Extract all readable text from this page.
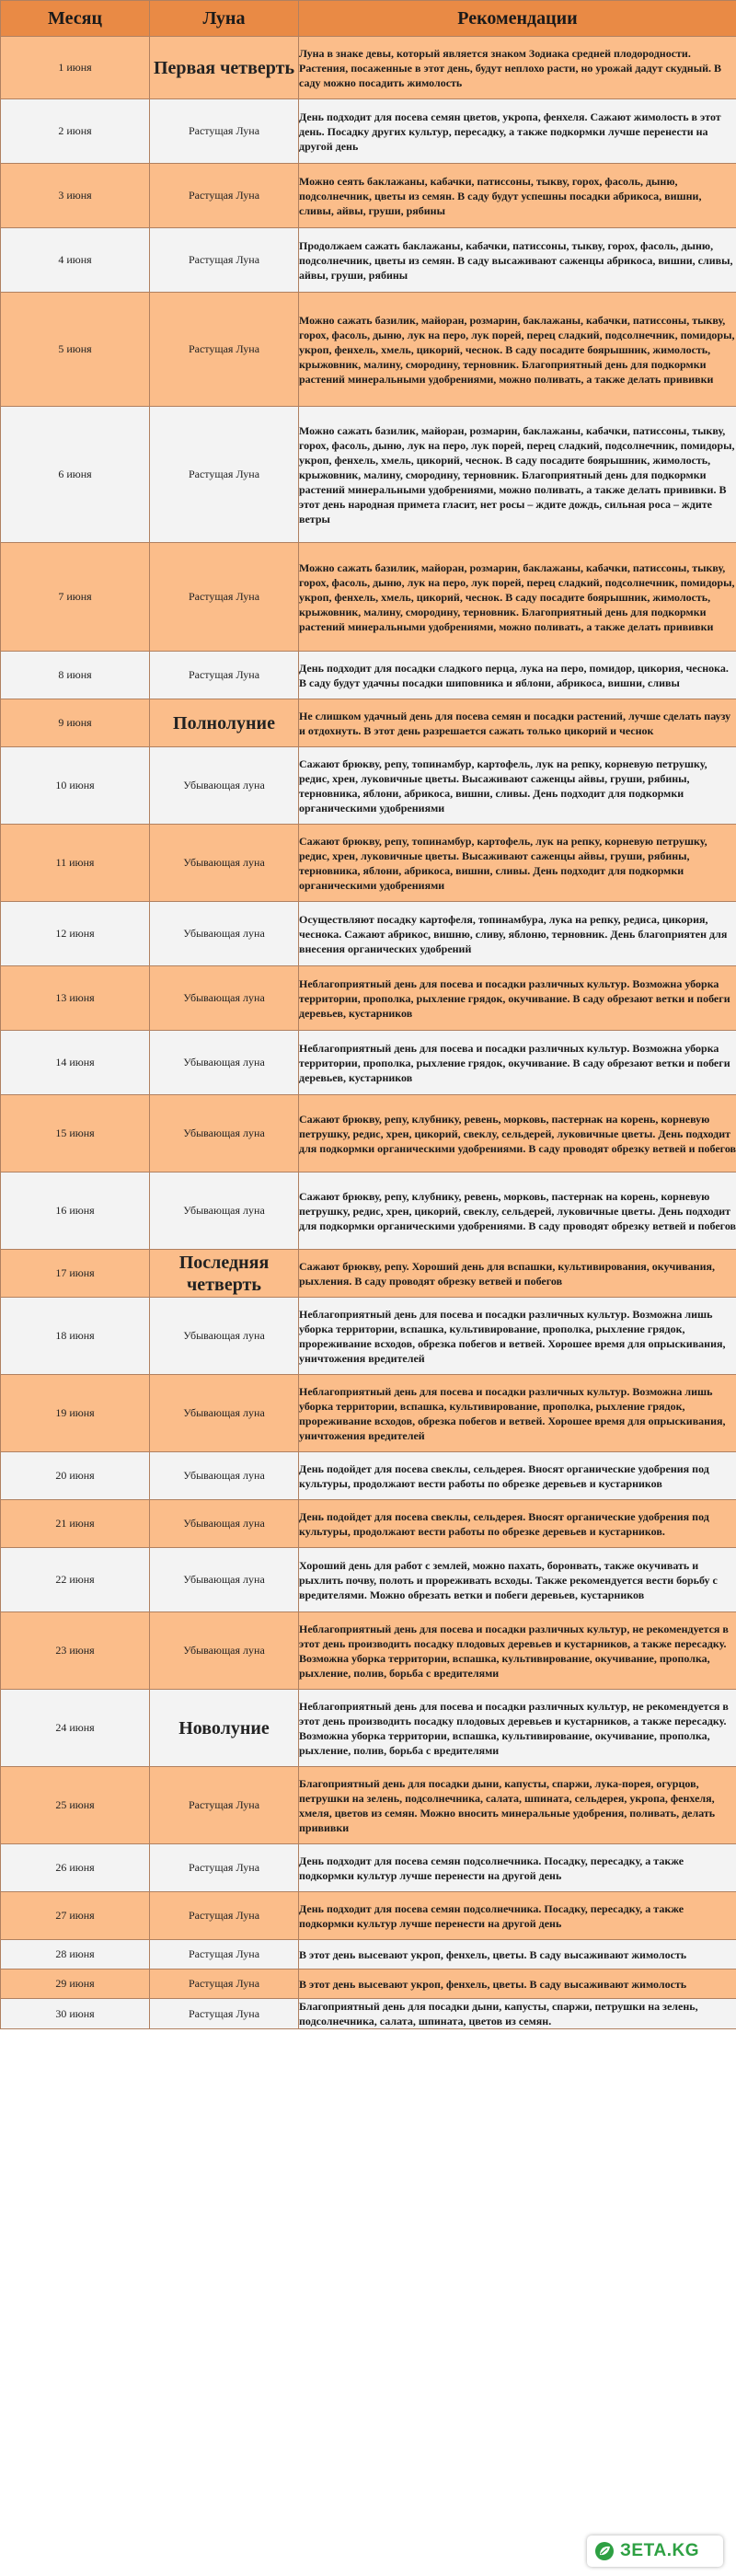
Месяц	Луна	Рекомендации
1 июня	Первая четверть	Луна в знаке девы, который является знаком Зодиака средней плодородности. Растения, посаженные в этот день, будут неплохо расти, но урожай дадут скудный. В саду можно посадить жимолость
2 июня	Растущая Луна	День подходит для посева семян цветов, укропа, фенхеля. Сажают жимолость в этот день. Посадку других культур, пересадку, а также подкормки лучше перенести на другой день
3 июня	Растущая Луна	Можно сеять баклажаны, кабачки, патиссоны, тыкву, горох, фасоль, дыню, подсолнечник, цветы из семян. В саду будут успешны посадки абрикоса, вишни, сливы, айвы, груши, рябины
4 июня	Растущая Луна	Продолжаем сажать баклажаны, кабачки, патиссоны, тыкву, горох, фасоль, дыню, подсолнечник, цветы из семян. В саду высаживают саженцы абрикоса, вишни, сливы, айвы, груши, рябины
5 июня	Растущая Луна	Можно сажать базилик, майоран, розмарин, баклажаны, кабачки, патиссоны, тыкву, горох, фасоль, дыню, лук на перо, лук порей, перец сладкий, подсолнечник, помидоры, укроп, фенхель, хмель, цикорий, чеснок. В саду посадите боярышник, жимолость, крыжовник, малину, смородину, терновник. Благоприятный день для подкормки растений минеральными удобрениями, можно поливать, а также делать прививки
6 июня	Растущая Луна	Можно сажать базилик, майоран, розмарин, баклажаны, кабачки, патиссоны, тыкву, горох, фасоль, дыню, лук на перо, лук порей, перец сладкий, подсолнечник, помидоры, укроп, фенхель, хмель, цикорий, чеснок. В саду посадите боярышник, жимолость, крыжовник, малину, смородину, терновник. Благоприятный день для подкормки растений минеральными удобрениями, можно поливать, а также делать прививки. В этот день народная примета гласит, нет росы – ждите дождь, сильная роса – ждите ветры
7 июня	Растущая Луна	Можно сажать базилик, майоран, розмарин, баклажаны, кабачки, патиссоны, тыкву, горох, фасоль, дыню, лук на перо, лук порей, перец сладкий, подсолнечник, помидоры, укроп, фенхель, хмель, цикорий, чеснок. В саду посадите боярышник, жимолость, крыжовник, малину, смородину, терновник. Благоприятный день для подкормки растений минеральными удобрениями, можно поливать, а также делать прививки
8 июня	Растущая Луна	День подходит для посадки сладкого перца, лука на перо, помидор, цикория, чеснока. В саду будут удачны посадки шиповника и яблони, абрикоса, вишни, сливы
9 июня	Полнолуние	Не слишком удачный день для посева семян и посадки растений, лучше сделать паузу и отдохнуть. В этот день разрешается сажать только цикорий и чеснок
10 июня	Убывающая луна	Сажают брюкву, репу, топинамбур, картофель, лук на репку, корневую петрушку, редис, хрен, луковичные цветы. Высаживают саженцы айвы, груши, рябины, терновника, яблони, абрикоса, вишни, сливы. День подходит для подкормки органическими удобрениями
11 июня	Убывающая луна	Сажают брюкву, репу, топинамбур, картофель, лук на репку, корневую петрушку, редис, хрен, луковичные цветы. Высаживают саженцы айвы, груши, рябины, терновника, яблони, абрикоса, вишни, сливы. День подходит для подкормки органическими удобрениями
12 июня	Убывающая луна	Осуществляют посадку картофеля, топинамбура, лука на репку, редиса, цикория, чеснока. Сажают абрикос, вишню, сливу, яблоню, терновник. День благоприятен для внесения органических удобрений
13 июня	Убывающая луна	Неблагоприятный день для посева и посадки различных культур. Возможна уборка территории, прополка, рыхление грядок, окучивание. В саду обрезают ветки и побеги деревьев, кустарников
14 июня	Убывающая луна	Неблагоприятный день для посева и посадки различных культур. Возможна уборка территории, прополка, рыхление грядок, окучивание. В саду обрезают ветки и побеги деревьев, кустарников
15 июня	Убывающая луна	Сажают брюкву, репу, клубнику, ревень, морковь, пастернак на корень, корневую петрушку, редис, хрен, цикорий, свеклу, сельдерей, луковичные цветы. День подходит для подкормки органическими удобрениями. В саду проводят обрезку ветвей и побегов
16 июня	Убывающая луна	Сажают брюкву, репу, клубнику, ревень, морковь, пастернак на корень, корневую петрушку, редис, хрен, цикорий, свеклу, сельдерей, луковичные цветы. День подходит для подкормки органическими удобрениями. В саду проводят обрезку ветвей и побегов
17 июня	Последняя четверть	Сажают брюкву, репу. Хороший день для вспашки, культивирования, окучивания, рыхления. В саду проводят обрезку ветвей и побегов
18 июня	Убывающая луна	Неблагоприятный день для посева и посадки различных культур. Возможна лишь уборка территории, вспашка, культивирование, прополка, рыхление грядок, прореживание всходов, обрезка побегов и ветвей. Хорошее время для опрыскивания, уничтожения вредителей
19 июня	Убывающая луна	Неблагоприятный день для посева и посадки различных культур. Возможна лишь уборка территории, вспашка, культивирование, прополка, рыхление грядок, прореживание всходов, обрезка побегов и ветвей. Хорошее время для опрыскивания, уничтожения вредителей
20 июня	Убывающая луна	День подойдет для посева свеклы, сельдерея. Вносят органические удобрения под культуры, продолжают вести работы по обрезке деревьев и кустарников
21 июня	Убывающая луна	День подойдет для посева свеклы, сельдерея. Вносят органические удобрения под культуры, продолжают вести работы по обрезке деревьев и кустарников.
22 июня	Убывающая луна	Хороший день для работ с землей, можно пахать, боронвать, также окучивать и рыхлить почву, полоть и прореживать всходы. Также рекомендуется вести борьбу с вредителями. Можно обрезать ветки и побеги деревьев, кустарников
23 июня	Убывающая луна	Неблагоприятный день для посева и посадки различных культур, не рекомендуется в этот день производить посадку плодовых деревьев и кустарников, а также пересадку. Возможна уборка территории, вспашка, культивирование, окучивание, прополка, рыхление, полив, борьба с вредителями
24 июня	Новолуние	Неблагоприятный день для посева и посадки различных культур, не рекомендуется в этот день производить посадку плодовых деревьев и кустарников, а также пересадку. Возможна уборка территории, вспашка, культивирование, окучивание, прополка, рыхление, полив, борьба с вредителями
25 июня	Растущая Луна	Благоприятный день для посадки дыни, капусты, спаржи, лука-порея, огурцов, петрушки на зелень, подсолнечника, салата, шпината, сельдерея, укропа, фенхеля, хмеля, цветов из семян. Можно вносить минеральные удобрения, поливать, делать прививки
26 июня	Растущая Луна	День подходит для посева семян подсолнечника. Посадку, пересадку, а также подкормки культур лучше перенести на другой день
27 июня	Растущая Луна	День подходит для посева семян подсолнечника. Посадку, пересадку, а также подкормки культур лучше перенести на другой день
28 июня	Растущая Луна	В этот день высевают укроп, фенхель, цветы. В саду высаживают жимолость
29 июня	Растущая Луна	В этот день высевают укроп, фенхель, цветы. В саду высаживают жимолость
30 июня	Растущая Луна	Благоприятный день для посадки дыни, капусты, спаржи, петрушки на зелень, подсолнечника, салата, шпината, цветов из семян.
ЗЕТА.KG
